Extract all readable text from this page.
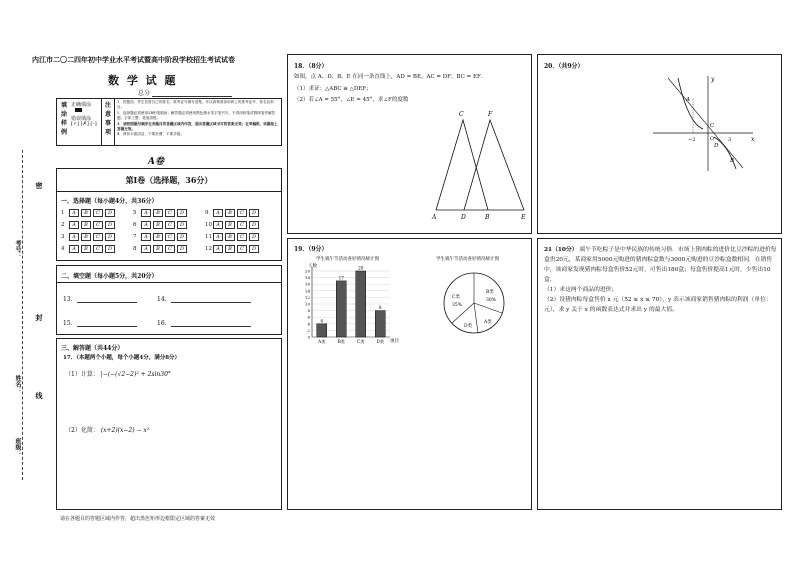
内江市二〇二四年初中学业水平考试暨高中阶段学校招生考试试卷
数 学 试 题
总分
密
封
线
考号：
姓名：
班级：
填
涂
样
例
正确填涂
错误填涂
[✓] [✗] [–]
注
意
事
项
1．答题前，考生先将自己的姓名、准考证号填写清楚，并认真核准条形码上的准考证号、姓名及科目。
2．选择题必须使用2B铅笔填涂；解答题必须使用黑色墨水签字笔书写，不得用铅笔或圆珠笔作解答题；字体工整、笔迹清楚。
3．请按照题号顺序在各题目的答题区域内作答，超出答题区域书写的答案无效；在草稿纸、试题卷上答题无效。
4．保持卡面清洁，不要折叠、不要弄破。
A卷
第Ⅰ卷（选择题，36分）
一、选择题（每小题4分，共36分）
1 A B C D	5 A B C D	9 A B C D
2 A B C D	6 A B C D	10 A B C D
3 A B C D	7 A B C D	11 A B C D
4 A B C D	8 A B C D	12 A B C D
二、填空题（每小题5分，共20分）
13．	14．
15．	16．
三、解答题（共44分）
17．（本题两个小题，每个小题4分，满分8分）
（1）计算： |−(−(√2−2)² + 2sin30°
（2）化简： (x+2)(x−2) − x²
请在各题目的答题区域内作答，超出黑色矩形边框限定区域的答案无效
18．（8分）
如图，点 A、D、B、E 在同一条直线上，AD = BE，AC = DF，BC = EF．
（1）求证：△ABC ≅ △DEF；
（2）若∠A = 55°，∠E = 45°，求∠F的度数
A	D	B	E
C	F
19．（9分）
学生端午节活动喜好情况统计图
人数
项目
0
2
4
6
8
10
12
14
16
18
20
4
A类
17
B类
20
C类
8
D类
学生端午节活动喜好情况统计图
C类
35%
B类
30%
A类
D类
20．（共9分）
y
x
O
A
B
C
D
−2	3
21（10分） 端午节吃粽子是中华民族的传统习俗．市场上猪肉粽的进价比豆沙粽的进价每盒贵20元，某商家用5000元购进的猪肉粽盒数与3000元购进的豆沙粽盒数相同．在销售中，该商家发现猪肉粽每盒售价52元时，可售出180盒；每盒售价提高1元时，少售出10盒．
（1）求这两个商品的进价；
（2）设猪肉粽每盒售价 x 元（52 ≤ x ≤ 70），y 表示该商家销售猪肉粽的利润（单位：元），求 y 关于 x 的函数表达式并求出 y 的最大值。
